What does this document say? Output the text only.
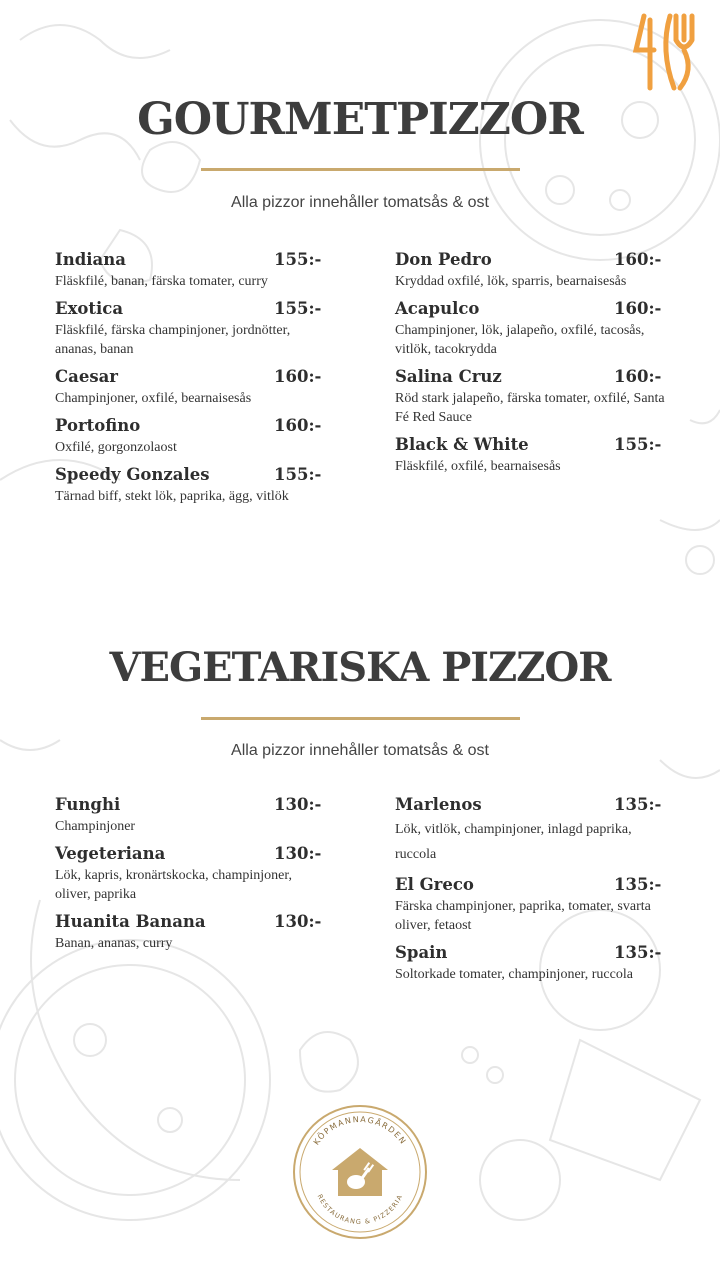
GOURMETPIZZOR
Alla pizzor innehåller tomatsås & ost
Indiana	155:-
Fläskfilé, banan, färska tomater, curry
Exotica	155:-
Fläskfilé, färska champinjoner, jordnötter, ananas, banan
Caesar	160:-
Champinjoner, oxfilé, bearnaisesås
Portofino	160:-
Oxfilé, gorgonzolaost
Speedy Gonzales	155:-
Tärnad biff, stekt lök, paprika, ägg, vitlök
Don Pedro	160:-
Kryddad oxfilé, lök, sparris, bearnaisesås
Acapulco	160:-
Champinjoner, lök, jalapeño, oxfilé, tacosås, vitlök, tacokrydda
Salina Cruz	160:-
Röd stark jalapeño, färska tomater, oxfilé, Santa Fé Red Sauce
Black & White	155:-
Fläskfilé, oxfilé, bearnaisesås
VEGETARISKA PIZZOR
Alla pizzor innehåller tomatsås & ost
Funghi	130:-
Champinjoner
Vegeteriana	130:-
Lök, kapris, kronärtskocka, champinjoner, oliver, paprika
Huanita Banana	130:-
Banan, ananas, curry
Marlenos	135:-
Lök, vitlök, champinjoner, inlagd paprika, ruccola
El Greco	135:-
Färska champinjoner, paprika, tomater, svarta oliver, fetaost
Spain	135:-
Soltorkade tomater, champinjoner, ruccola
KÖPMANNAGÅRDEN
RESTAURANG & PIZZERIA
